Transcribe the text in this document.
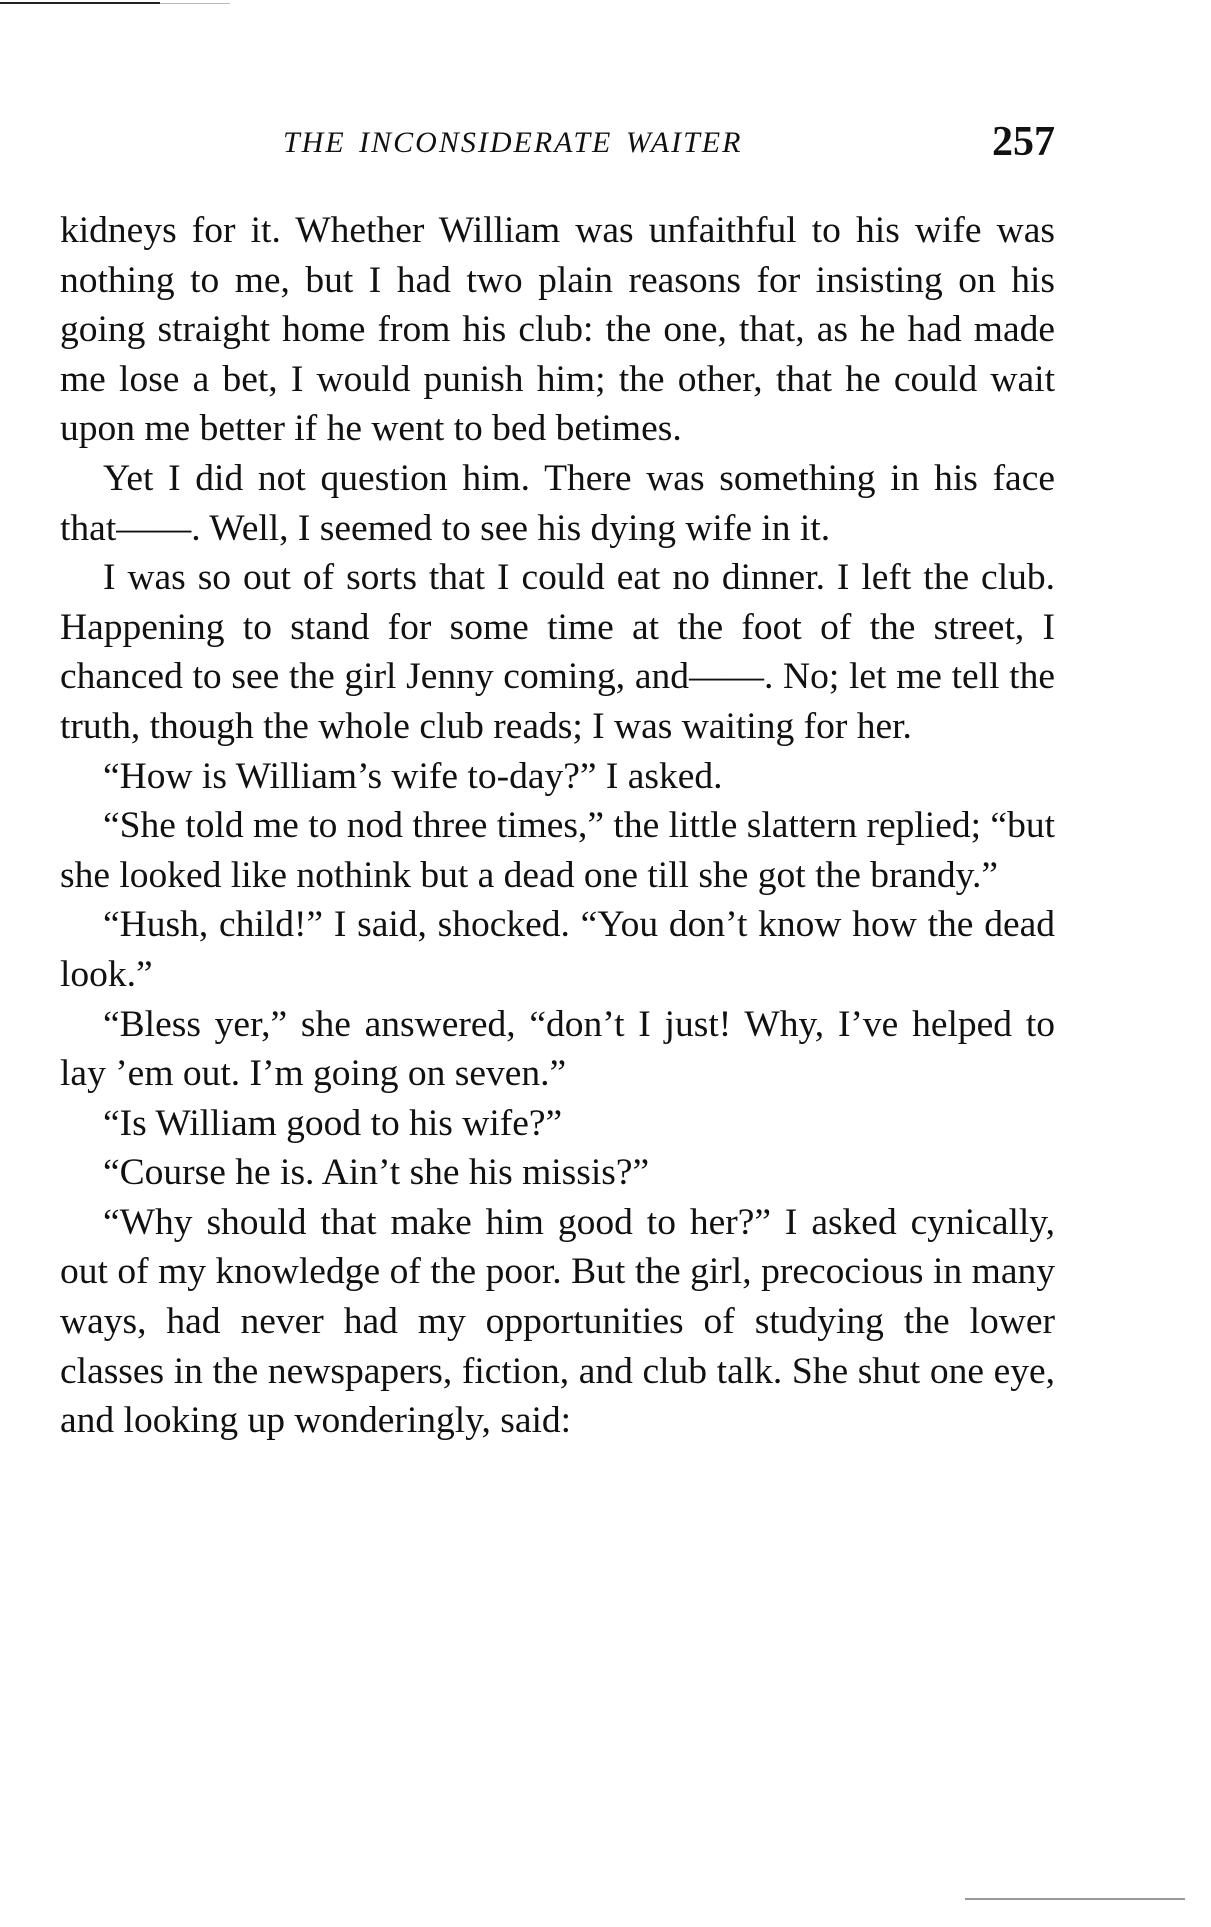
THE INCONSIDERATE WAITER	257

kidneys for it. Whether William was unfaithful to his wife was nothing to me, but I had two plain reasons for insisting on his going straight home from his club: the one, that, as he had made me lose a bet, I would punish him; the other, that he could wait upon me better if he went to bed betimes.

Yet I did not question him. There was something in his face that——. Well, I seemed to see his dying wife in it.

I was so out of sorts that I could eat no dinner. I left the club. Happening to stand for some time at the foot of the street, I chanced to see the girl Jenny coming, and——. No; let me tell the truth, though the whole club reads; I was waiting for her.

“How is William’s wife to-day?” I asked.

“She told me to nod three times,” the little slattern replied; “but she looked like nothink but a dead one till she got the brandy.”

“Hush, child!” I said, shocked. “You don’t know how the dead look.”

“Bless yer,” she answered, “don’t I just! Why, I’ve helped to lay ’em out. I’m going on seven.”

“Is William good to his wife?”

“Course he is. Ain’t she his missis?”

“Why should that make him good to her?” I asked cynically, out of my knowledge of the poor. But the girl, precocious in many ways, had never had my opportunities of studying the lower classes in the newspapers, fiction, and club talk. She shut one eye, and looking up wonderingly, said:
